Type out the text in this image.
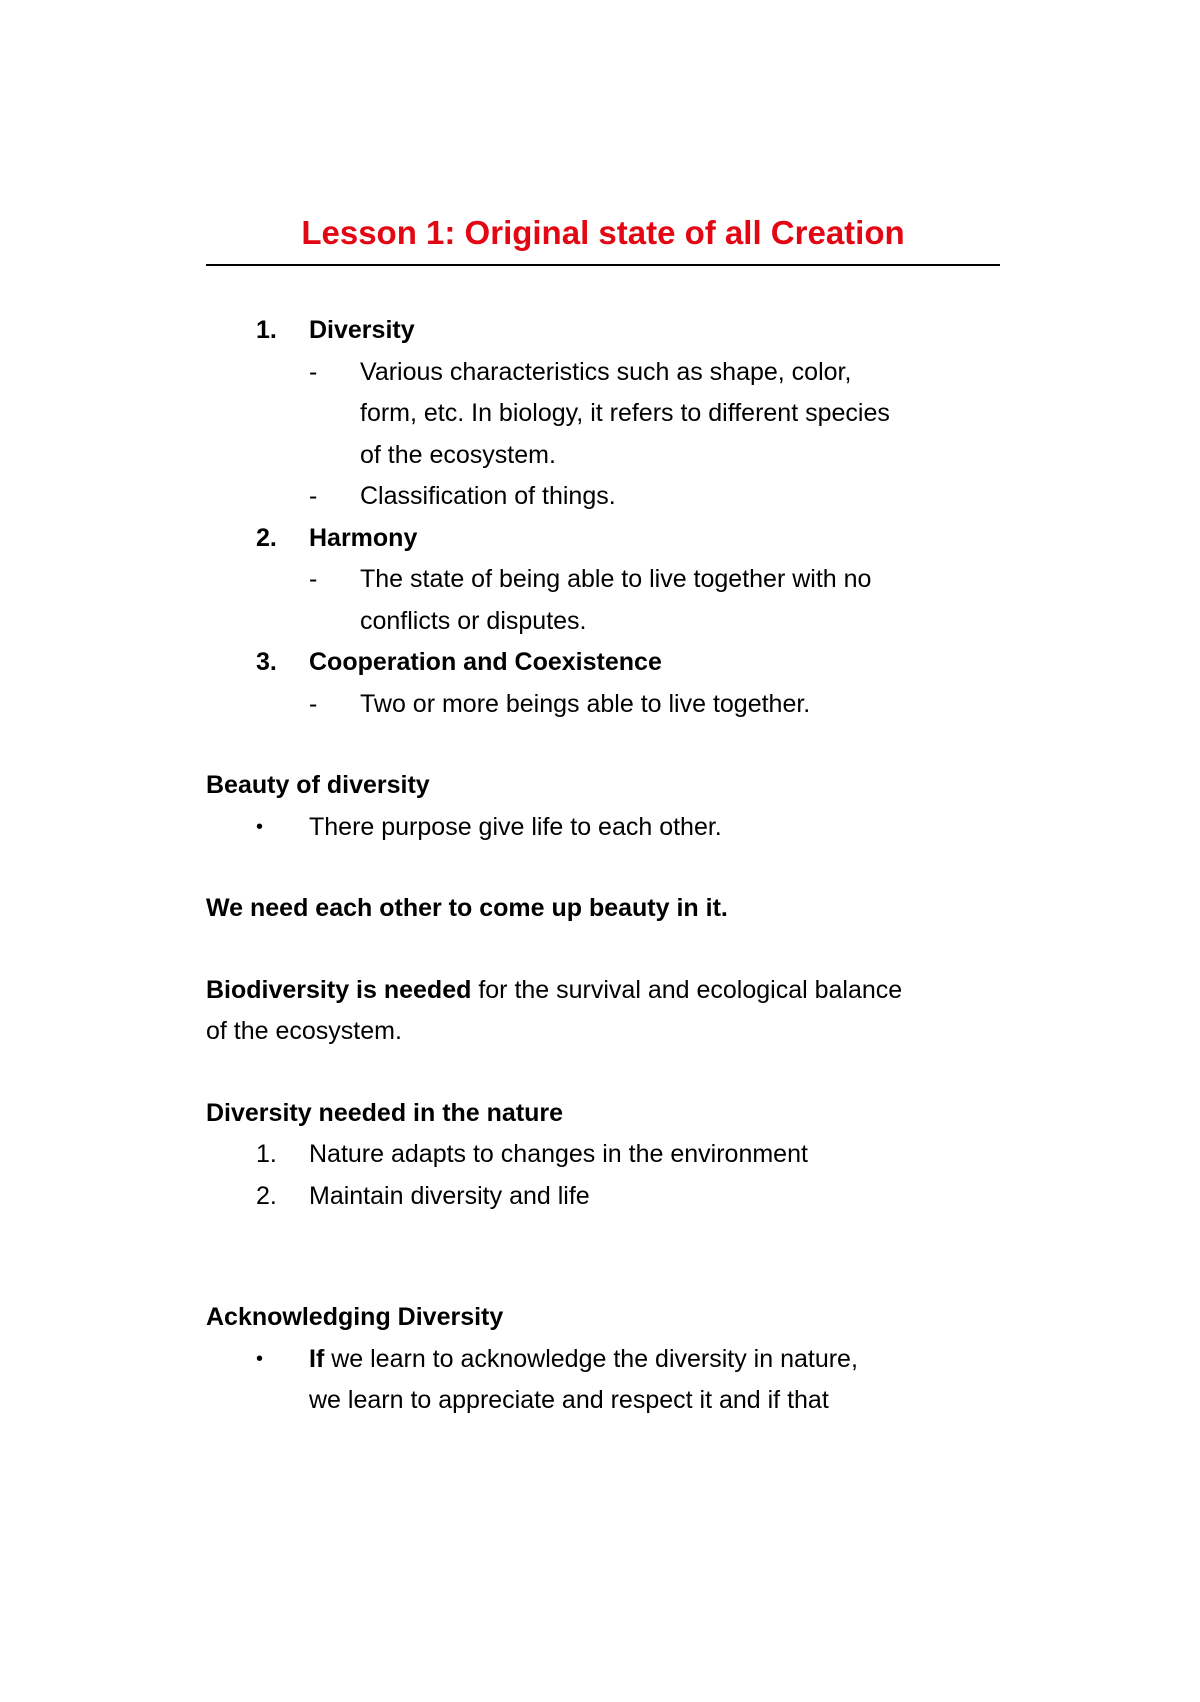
Lesson 1: Original state of all Creation
1.	Diversity
- Various characteristics such as shape, color,
form, etc. In biology, it refers to different species
of the ecosystem.
- Classification of things.
2.	Harmony
- The state of being able to live together with no
conflicts or disputes.
3.	Cooperation and Coexistence
- Two or more beings able to live together.

Beauty of diversity

• There purpose give life to each other.

We need each other to come up beauty in it.

Biodiversity is needed for the survival and ecological balance

of the ecosystem.

Diversity needed in the nature

1.	Nature adapts to changes in the environment
2.	Maintain diversity and life

Acknowledging Diversity

• If we learn to acknowledge the diversity in nature,
we learn to appreciate and respect it and if that
